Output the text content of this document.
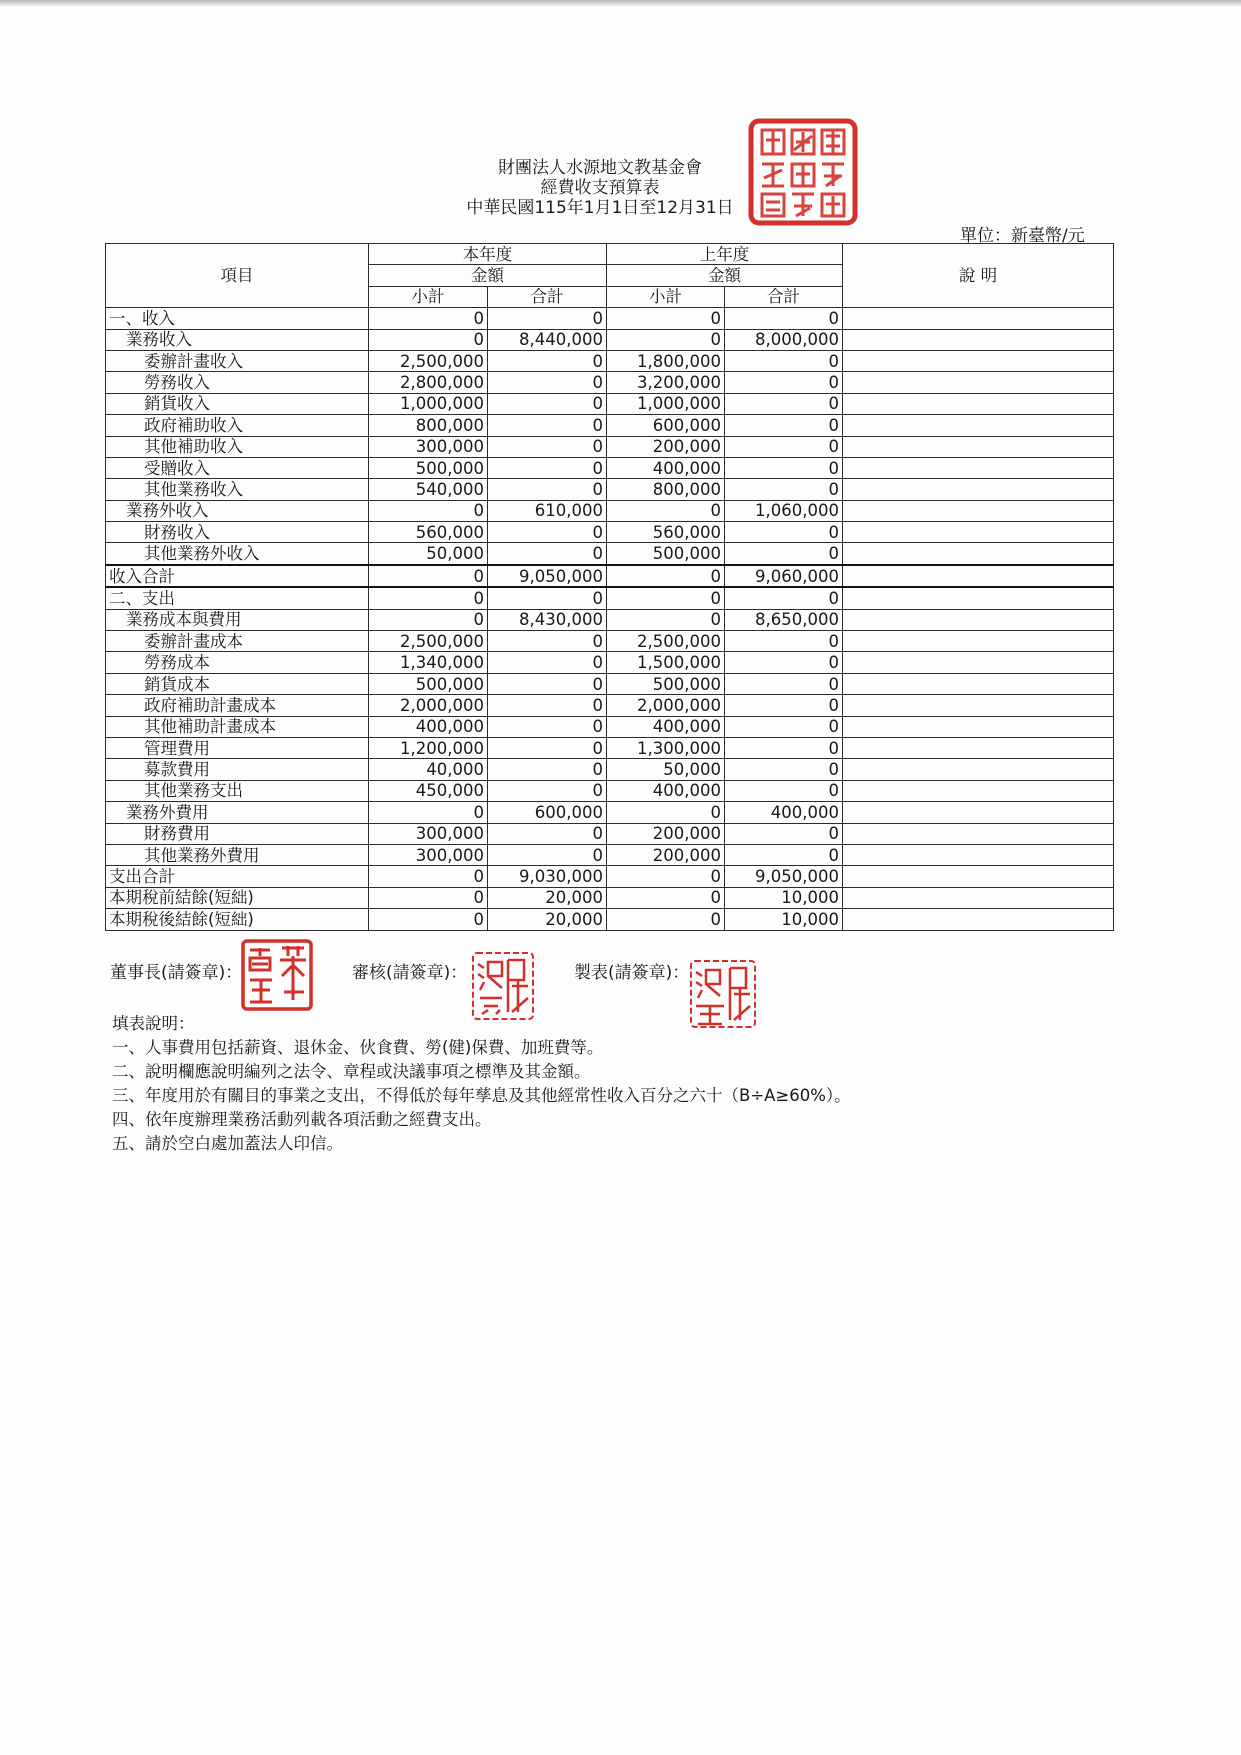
財團法人水源地文教基金會
經費收支預算表
中華民國115年1月1日至12月31日
單位：新臺幣/元
項目	本年度		上年度		說 明
	金額		金額		
	小計	合計	小計	合計	
一、收入	0	0	0	0	
業務收入	0	8,440,000	0	8,000,000	
委辦計畫收入	2,500,000	0	1,800,000	0	
勞務收入	2,800,000	0	3,200,000	0	
銷貨收入	1,000,000	0	1,000,000	0	
政府補助收入	800,000	0	600,000	0	
其他補助收入	300,000	0	200,000	0	
受贈收入	500,000	0	400,000	0	
其他業務收入	540,000	0	800,000	0	
業務外收入	0	610,000	0	1,060,000	
財務收入	560,000	0	560,000	0	
其他業務外收入	50,000	0	500,000	0	
收入合計	0	9,050,000	0	9,060,000	
二、支出	0	0	0	0	
業務成本與費用	0	8,430,000	0	8,650,000	
委辦計畫成本	2,500,000	0	2,500,000	0	
勞務成本	1,340,000	0	1,500,000	0	
銷貨成本	500,000	0	500,000	0	
政府補助計畫成本	2,000,000	0	2,000,000	0	
其他補助計畫成本	400,000	0	400,000	0	
管理費用	1,200,000	0	1,300,000	0	
募款費用	40,000	0	50,000	0	
其他業務支出	450,000	0	400,000	0	
業務外費用	0	600,000	0	400,000	
財務費用	300,000	0	200,000	0	
其他業務外費用	300,000	0	200,000	0	
支出合計	0	9,030,000	0	9,050,000	
本期稅前結餘(短絀)	0	20,000	0	10,000	
本期稅後結餘(短絀)	0	20,000	0	10,000	
董事長(請簽章)：	審核(請簽章)：	製表(請簽章)：
填表說明：
一、人事費用包括薪資、退休金、伙食費、勞(健)保費、加班費等。
二、說明欄應說明編列之法令、章程或決議事項之標準及其金額。
三、年度用於有關目的事業之支出，不得低於每年孳息及其他經常性收入百分之六十（B÷A≥60%）。
四、依年度辦理業務活動列載各項活動之經費支出。
五、請於空白處加蓋法人印信。
